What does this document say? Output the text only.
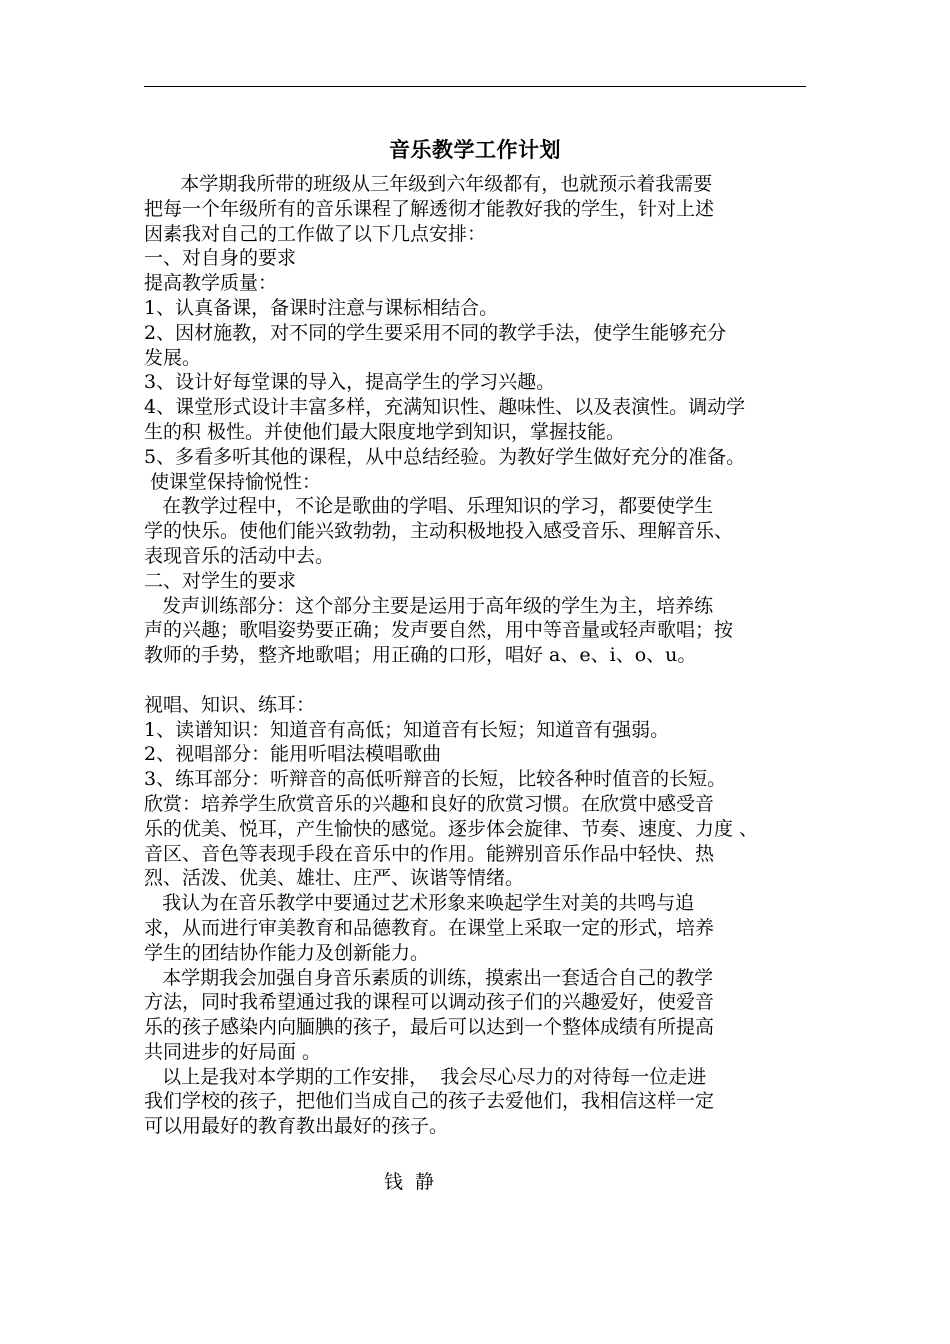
音乐教学工作计划
本学期我所带的班级从三年级到六年级都有，也就预示着我需要
把每一个年级所有的音乐课程了解透彻才能教好我的学生，针对上述
因素我对自己的工作做了以下几点安排：
一、对自身的要求
提高教学质量：
1、认真备课，备课时注意与课标相结合。
2、因材施教，对不同的学生要采用不同的教学手法，使学生能够充分
发展。
3、设计好每堂课的导入，提高学生的学习兴趣。
4、课堂形式设计丰富多样，充满知识性、趣味性、以及表演性。调动学
生的积 极性。并使他们最大限度地学到知识，掌握技能。
5、多看多听其他的课程，从中总结经验。为教好学生做好充分的准备。
使课堂保持愉悦性：
在教学过程中，不论是歌曲的学唱、乐理知识的学习，都要使学生
学的快乐。使他们能兴致勃勃，主动积极地投入感受音乐、理解音乐、
表现音乐的活动中去。
二、对学生的要求
发声训练部分：这个部分主要是运用于高年级的学生为主，培养练
声的兴趣；歌唱姿势要正确；发声要自然，用中等音量或轻声歌唱；按
教师的手势，整齐地歌唱；用正确的口形，唱好 a、e、i、o、u。
视唱、知识、练耳：
1、读谱知识：知道音有高低；知道音有长短；知道音有强弱。
2、视唱部分：能用听唱法模唱歌曲
3、练耳部分：听辩音的高低听辩音的长短，比较各种时值音的长短。
欣赏：培养学生欣赏音乐的兴趣和良好的欣赏习惯。在欣赏中感受音
乐的优美、悦耳，产生愉快的感觉。逐步体会旋律、节奏、速度、力度 、
音区、音色等表现手段在音乐中的作用。能辨别音乐作品中轻快、热
烈、活泼、优美、雄壮、庄严、诙谐等情绪。
我认为在音乐教学中要通过艺术形象来唤起学生对美的共鸣与追
求，从而进行审美教育和品德教育。在课堂上采取一定的形式，培养
学生的团结协作能力及创新能力。
本学期我会加强自身音乐素质的训练，摸索出一套适合自己的教学
方法，同时我希望通过我的课程可以调动孩子们的兴趣爱好，使爱音
乐的孩子感染内向腼腆的孩子，最后可以达到一个整体成绩有所提高
共同进步的好局面 。
以上是我对本学期的工作安排，  我会尽心尽力的对待每一位走进
我们学校的孩子，把他们当成自己的孩子去爱他们，我相信这样一定
可以用最好的教育教出最好的孩子。
钱 静
